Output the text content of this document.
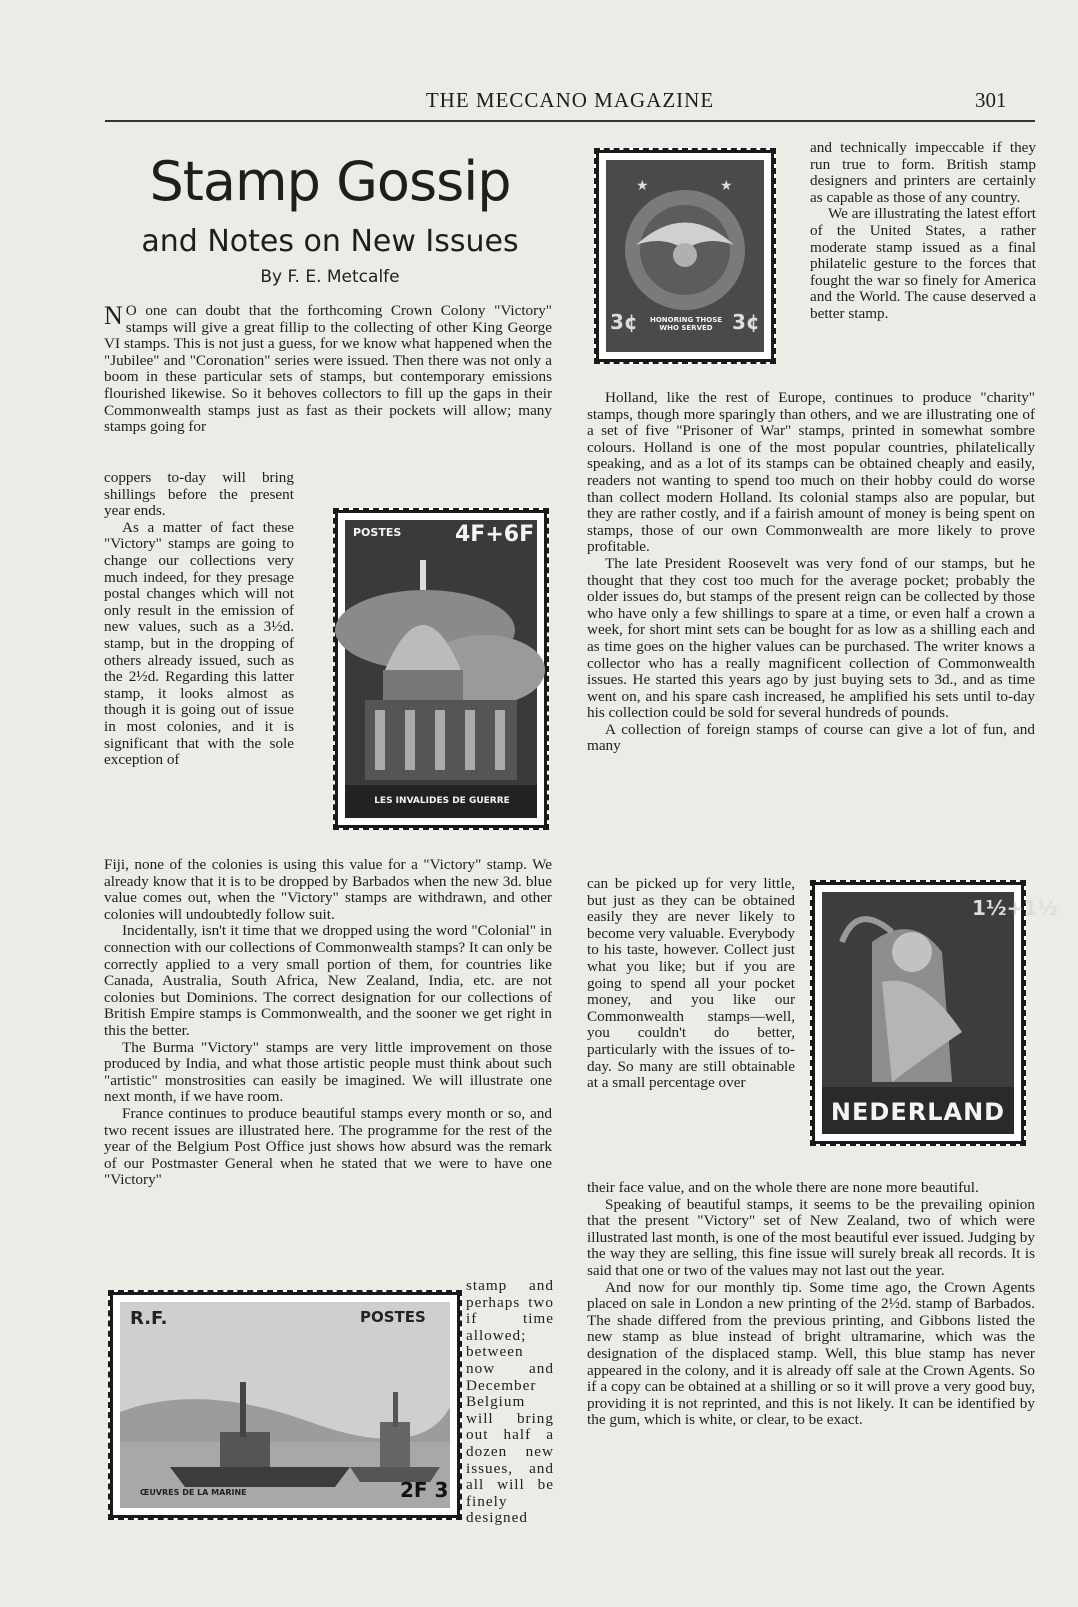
THE MECCANO MAGAZINE	301
Stamp Gossip
and Notes on New Issues
By F. E. Metcalfe

N O one can doubt that the forthcoming Crown Colony "Victory" stamps will give a great fillip to the collecting of other King George VI stamps. This is not just a guess, for we know what happened when the "Jubilee" and "Coronation" series were issued. Then there was not only a boom in these particular sets of stamps, but contemporary emissions flourished likewise. So it behoves collectors to fill up the gaps in their Commonwealth stamps just as fast as their pockets will allow; many stamps going for

coppers to-day will bring shillings before the present year ends.

As a matter of fact these "Victory" stamps are going to change our collections very much indeed, for they presage postal changes which will not only result in the emission of new values, such as a 3½d. stamp, but in the dropping of others already issued, such as the 2½d. Regarding this latter stamp, it looks almost as though it is going out of issue in most colonies, and it is significant that with the sole exception of

Fiji, none of the colonies is using this value for a "Victory" stamp. We already know that it is to be dropped by Barbados when the new 3d. blue value comes out, when the "Victory" stamps are withdrawn, and other colonies will undoubtedly follow suit.

Incidentally, isn't it time that we dropped using the word "Colonial" in connection with our collections of Commonwealth stamps? It can only be correctly applied to a very small portion of them, for countries like Canada, Australia, South Africa, New Zealand, India, etc. are not colonies but Dominions. The correct designation for our collections of British Empire stamps is Commonwealth, and the sooner we get right in this the better.

The Burma "Victory" stamps are very little improvement on those produced by India, and what those artistic people must think about such "artistic" monstrosities can easily be imagined. We will illustrate one next month, if we have room.

France continues to produce beautiful stamps every month or so, and two recent issues are illustrated here. The programme for the rest of the year of the Belgium Post Office just shows how absurd was the remark of our Postmaster General when he stated that we were to have one "Victory"

stamp and perhaps two if time allowed; between now and December Belgium will bring out half a dozen new issues, and all will be finely designed

and technically impeccable if they run true to form. British stamp designers and printers are certainly as capable as those of any country.

We are illustrating the latest effort of the United States, a rather moderate stamp issued as a final philatelic gesture to the forces that fought the war so finely for America and the World. The cause deserved a better stamp.

Holland, like the rest of Europe, continues to produce "charity" stamps, though more sparingly than others, and we are illustrating one of a set of five "Prisoner of War" stamps, printed in somewhat sombre colours. Holland is one of the most popular countries, philatelically speaking, and as a lot of its stamps can be obtained cheaply and easily, readers not wanting to spend too much on their hobby could do worse than collect modern Holland. Its colonial stamps also are popular, but they are rather costly, and if a fairish amount of money is being spent on stamps, those of our own Commonwealth are more likely to prove profitable.

The late President Roosevelt was very fond of our stamps, but he thought that they cost too much for the average pocket; probably the older issues do, but stamps of the present reign can be collected by those who have only a few shillings to spare at a time, or even half a crown a week, for short mint sets can be bought for as low as a shilling each and as time goes on the higher values can be purchased. The writer knows a collector who has a really magnificent collection of Commonwealth issues. He started this years ago by just buying sets to 3d., and as time went on, and his spare cash increased, he amplified his sets until to-day his collection could be sold for several hundreds of pounds.

A collection of foreign stamps of course can give a lot of fun, and many

can be picked up for very little, but just as they can be obtained easily they are never likely to become very valuable. Everybody to his taste, however. Collect just what you like; but if you are going to spend all your pocket money, and you like our Commonwealth stamps—well, you couldn't do better, particularly with the issues of to-day. So many are still obtainable at a small percentage over

their face value, and on the whole there are none more beautiful.

Speaking of beautiful stamps, it seems to be the prevailing opinion that the present "Victory" set of New Zealand, two of which were illustrated last month, is one of the most beautiful ever issued. Judging by the way they are selling, this fine issue will surely break all records. It is said that one or two of the values may not last out the year.

And now for our monthly tip. Some time ago, the Crown Agents placed on sale in London a new printing of the 2½d. stamp of Barbados. The shade differed from the previous printing, and Gibbons listed the new stamp as blue instead of bright ultramarine, which was the designation of the displaced stamp. Well, this blue stamp has never appeared in the colony, and it is already off sale at the Crown Agents. So if a copy can be obtained at a shilling or so it will prove a very good buy, providing it is not reprinted, and this is not likely. It can be identified by the gum, which is white, or clear, to be exact.

POSTES 4F+6F
LES INVALIDES DE GUERRE
R.F.	POSTES
2F 3
ŒUVRES DE LA MARINE
★	★
3¢	3¢
HONORING THOSE WHO SERVED
1½+1½
NEDERLAND
